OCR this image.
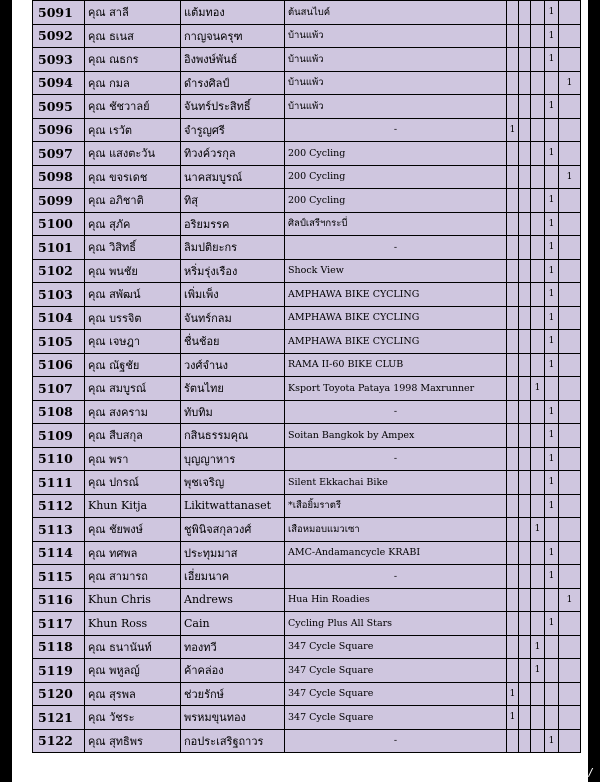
5091	คุณ สาลี	แต้มทอง	ต้นสนไบค์				1	
5092	คุณ ธเนส	กาญจนครุฑ	บ้านแพ้ว				1	
5093	คุณ ณธกร	อิงพงษ์พันธ์	บ้านแพ้ว				1	
5094	คุณ กมล	ดำรงศิลป์	บ้านแพ้ว					1
5095	คุณ ชัชวาลย์	จันทร์ประสิทธิ์	บ้านแพ้ว				1	
5096	คุณ เรวัต	จำรูญศรี	-	1				
5097	คุณ แสงตะวัน	ทิวงค์วรกุล	200 Cycling				1	
5098	คุณ ขจรเดช	นาคสมบูรณ์	200 Cycling					1
5099	คุณ อภิชาติ	ทิสุ	200 Cycling				1	
5100	คุณ สุภัค	อริยมรรค	ศิลป์เสรีฯกระบี่				1	
5101	คุณ วิสิทธิ์	ลิมปติยะกร	-				1	
5102	คุณ พนชัย	หริ่มรุ่งเรือง	Shock View				1	
5103	คุณ สพัฒน์	เพิ่มเพ็ง	AMPHAWA BIKE CYCLING				1	
5104	คุณ บรรจิต	จันทร์กลม	AMPHAWA BIKE CYCLING				1	
5105	คุณ เจษฎา	ชื่นช้อย	AMPHAWA BIKE CYCLING				1	
5106	คุณ ณัฐชัย	วงศ์จำนง	RAMA II-60 BIKE CLUB				1	
5107	คุณ สมบูรณ์	รัตนไทย	Ksport Toyota Pataya 1998 Maxrunner			1		
5108	คุณ สงคราม	ทับทิม	-				1	
5109	คุณ สืบสกุล	กสินธรรมคุณ	Soitan Bangkok by Ampex				1	
5110	คุณ พรา	บุญญาหาร	-				1	
5111	คุณ ปกรณ์	พุชเจริญ	Silent Ekkachai Bike				1	
5112	Khun Kitja	Likitwattanaset	*เสือยิ้มราตรี				1	
5113	คุณ ชัยพงษ์	ชูพินิจสกุลวงศ์	เสือหมอบแมวเซา			1		
5114	คุณ ทศพล	ประทุมมาส	AMC-Andamancycle KRABI				1	
5115	คุณ สามารถ	เอี่ยมนาค	-				1	
5116	Khun Chris	Andrews	Hua Hin Roadies					1
5117	Khun Ross	Cain	Cycling Plus All Stars				1	
5118	คุณ ธนานันท์	ทองทวี	347 Cycle Square			1		
5119	คุณ พหูลญ์	ค้าคล่อง	347 Cycle Square			1		
5120	คุณ สุรพล	ช่วยรักษ์	347 Cycle Square	1				
5121	คุณ วัชระ	พรหมขุนทอง	347 Cycle Square	1				
5122	คุณ สุทธิพร	กอประเสริฐถาวร	-				1	
[1080x1378] https://upic.me/
